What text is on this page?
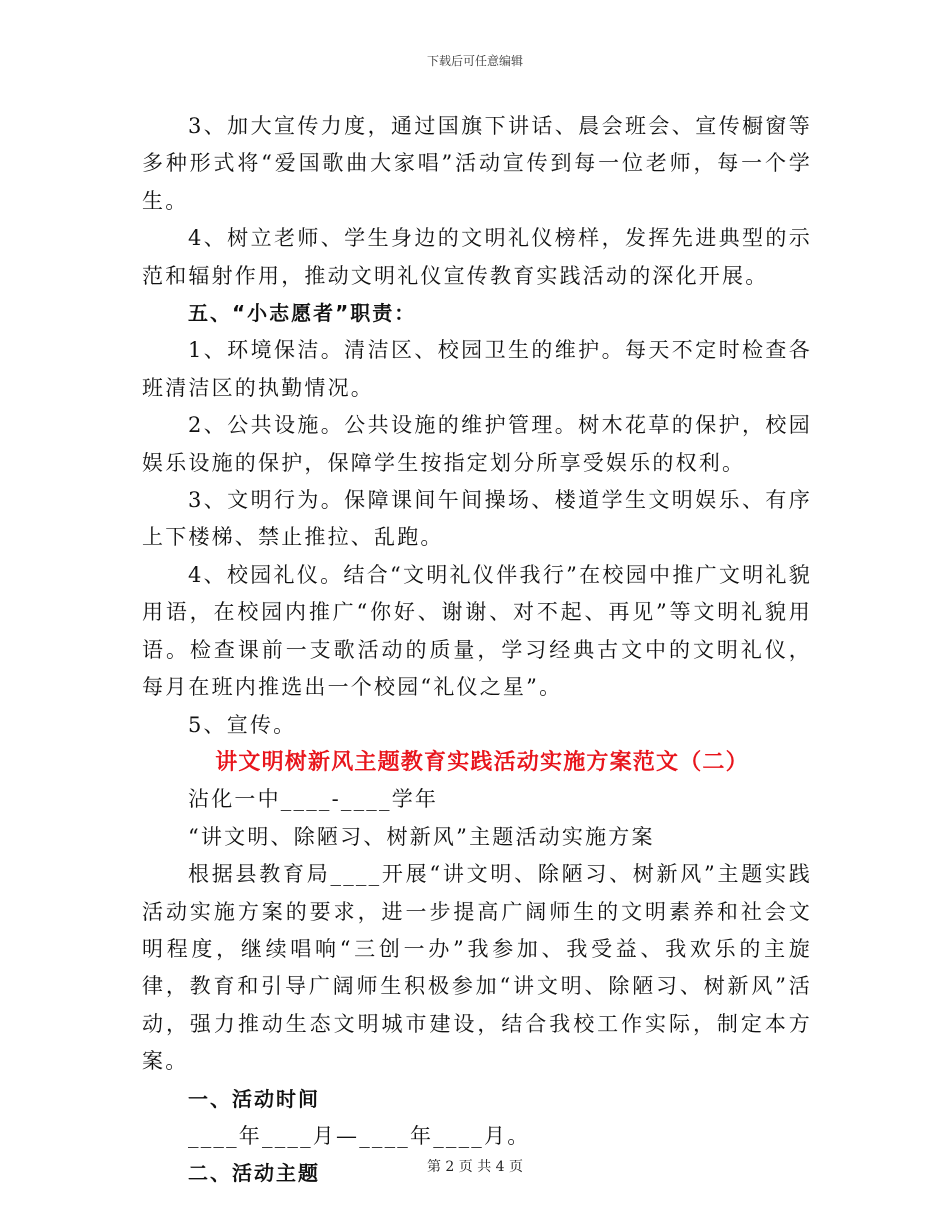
下载后可任意编辑

3、加大宣传力度，通过国旗下讲话、晨会班会、宣传橱窗等多种形式将“爱国歌曲大家唱”活动宣传到每一位老师，每一个学生。

4、树立老师、学生身边的文明礼仪榜样，发挥先进典型的示范和辐射作用，推动文明礼仪宣传教育实践活动的深化开展。

五、“小志愿者”职责：

1、环境保洁。清洁区、校园卫生的维护。每天不定时检查各班清洁区的执勤情况。

2、公共设施。公共设施的维护管理。树木花草的保护，校园娱乐设施的保护，保障学生按指定划分所享受娱乐的权利。

3、文明行为。保障课间午间操场、楼道学生文明娱乐、有序上下楼梯、禁止推拉、乱跑。

4、校园礼仪。结合“文明礼仪伴我行”在校园中推广文明礼貌用语，在校园内推广“你好、谢谢、对不起、再见”等文明礼貌用语。检查课前一支歌活动的质量，学习经典古文中的文明礼仪，每月在班内推选出一个校园“礼仪之星”。

5、宣传。

讲文明树新风主题教育实践活动实施方案范文（二）

沾化一中____-____学年

“讲文明、除陋习、树新风”主题活动实施方案

根据县教育局____开展“讲文明、除陋习、树新风”主题实践活动实施方案的要求，进一步提高广阔师生的文明素养和社会文明程度，继续唱响“三创一办”我参加、我受益、我欢乐的主旋律，教育和引导广阔师生积极参加“讲文明、除陋习、树新风”活动，强力推动生态文明城市建设，结合我校工作实际，制定本方案。

一、活动时间

____年____月—____年____月。

二、活动主题	第 2 页 共 4 页
